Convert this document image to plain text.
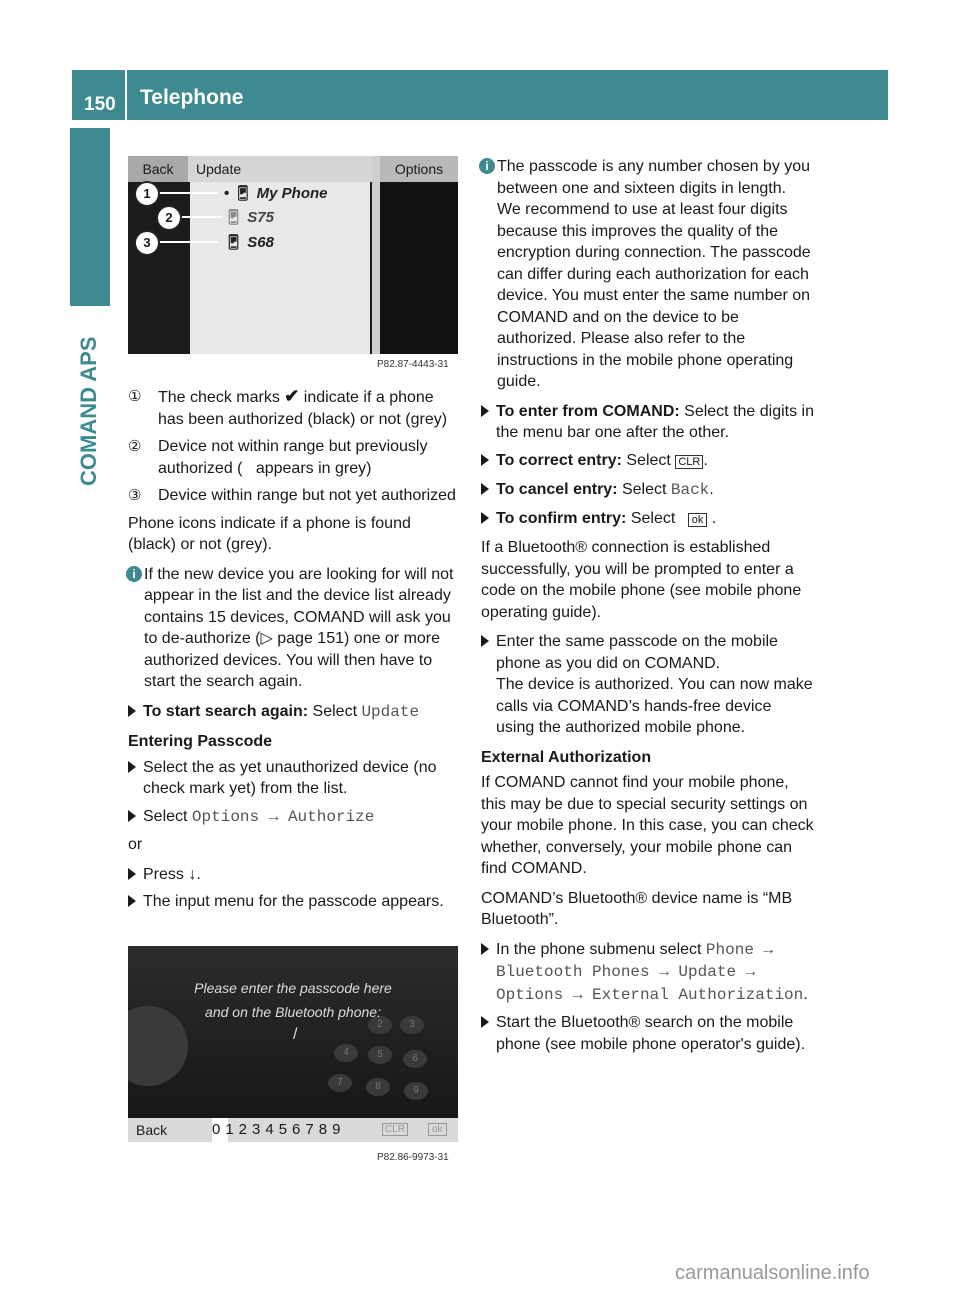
150	Telephone
COMAND APS
Back	Update	Options
• 📱︎ My Phone
📱︎ S75
📱︎ S68
1
2
3
P82.87-4443-31
① The check marks ✔ indicate if a phone has been authorized (black) or not (grey)
② Device not within range but previously authorized (   appears in grey)
③ Device within range but not yet authorized

Phone icons indicate if a phone is found (black) or not (grey).

i If the new device you are looking for will not appear in the list and the device list already contains 15 devices, COMAND will ask you to de-authorize (▷ page 151) one or more authorized devices. You will then have to start the search again.
To start search again: Select Update
Entering Passcode
Select the as yet unauthorized device (no check mark yet) from the list.
Select Options → Authorize

or

Press ↓.
The input menu for the passcode appears.
2	3
4	5	6
7	8	9
Please enter the passcode here
and on the Bluetooth phone:
/
Back	0123456789	CLR	ok
P82.86-9973-31
i The passcode is any number chosen by you between one and sixteen digits in length. We recommend to use at least four digits because this improves the quality of the encryption during connection. The passcode can differ during each authorization for each device. You must enter the same number on COMAND and on the device to be authorized. Please also refer to the instructions in the mobile phone operating guide.
To enter from COMAND: Select the digits in the menu bar one after the other.
To correct entry: Select CLR .
To cancel entry: Select Back.
To confirm entry: Select ok .

If a Bluetooth® connection is established successfully, you will be prompted to enter a code on the mobile phone (see mobile phone operating guide).

Enter the same passcode on the mobile phone as you did on COMAND.
The device is authorized. You can now make calls via COMAND’s hands-free device using the authorized mobile phone.
External Authorization

If COMAND cannot find your mobile phone, this may be due to special security settings on your mobile phone. In this case, you can check whether, conversely, your mobile phone can find COMAND.

COMAND’s Bluetooth® device name is “MB Bluetooth”.

In the phone submenu select Phone → Bluetooth Phones → Update → Options → External Authorization.
Start the Bluetooth® search on the mobile phone (see mobile phone operator's guide).
carmanualsonline.info
